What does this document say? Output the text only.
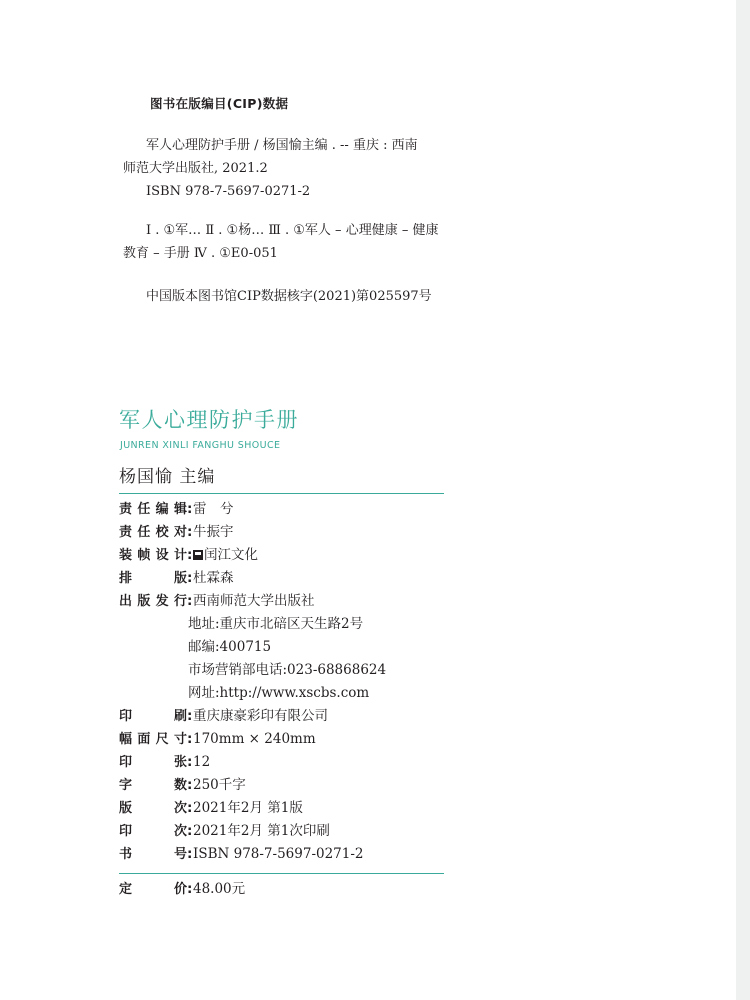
图书在版编目(CIP)数据
军人心理防护手册 / 杨国愉主编 . -- 重庆 : 西南
师范大学出版社, 2021.2
ISBN 978-7-5697-0271-2
Ⅰ . ①军… Ⅱ . ①杨… Ⅲ . ①军人 – 心理健康 – 健康
教育 – 手册 Ⅳ . ①E0-051
中国版本图书馆CIP数据核字(2021)第025597号
军人心理防护手册
JUNREN XINLI FANGHU SHOUCE
杨国愉 主编
责 任 编 辑 : 雷　兮
责 任 校 对 : 牛振宇
装 帧 设 计 : 闰江文化
排	版 : 杜霖森
出 版 发 行 : 西南师范大学出版社
地址:重庆市北碚区天生路2号
邮编:400715
市场营销部电话:023-68868624
网址:http://www.xscbs.com
印	刷 : 重庆康豪彩印有限公司
幅 面 尺 寸 : 170mm × 240mm
印	张 : 12
字	数 : 250千字
版	次 : 2021年2月 第1版
印	次 : 2021年2月 第1次印刷
书	号 : ISBN 978-7-5697-0271-2
定	价 : 48.00元
